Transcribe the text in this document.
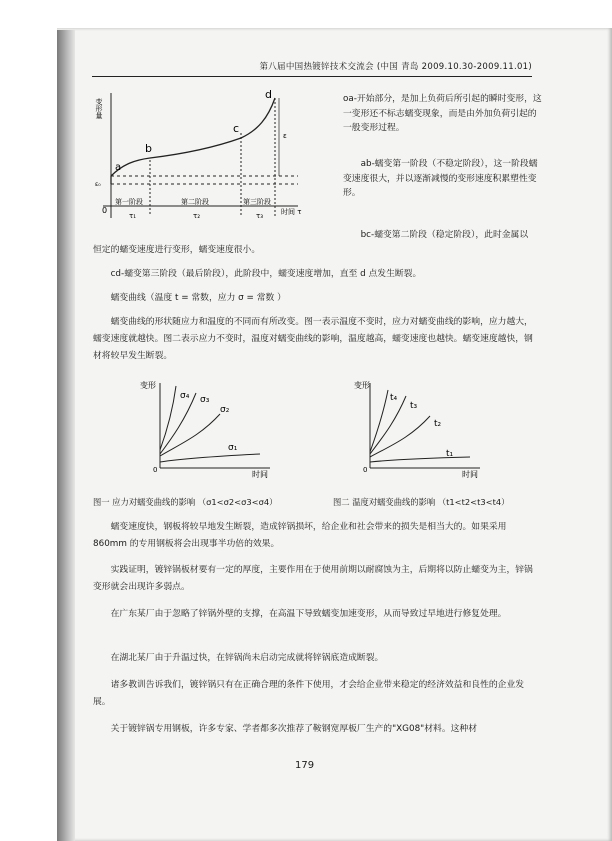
第八届中国热镀锌技术交流会 (中国 青岛 2009.10.30-2009.11.01)
变形量
a
b
c
d
0
ε₀
ε
时间 τ
第一阶段	第二阶段	第三阶段
τ₁	τ₂	τ₃
oa-开始部分，是加上负荷后所引起的瞬时变形，这一变形还不标志蠕变现象，而是由外加负荷引起的一般变形过程。
ab-蠕变第一阶段（不稳定阶段），这一阶段蠕变速度很大，并以逐渐减慢的变形速度积累塑性变形。
bc-蠕变第二阶段（稳定阶段），此时金属以
恒定的蠕变速度进行变形，蠕变速度很小。
cd-蠕变第三阶段（最后阶段），此阶段中，蠕变速度增加，直至 d 点发生断裂。
蠕变曲线（温度 t = 常数，应力 σ = 常数 ）
蠕变曲线的形状随应力和温度的不同而有所改变。图一表示温度不变时，应力对蠕变曲线的影响，应力越大，蠕变速度就越快。图二表示应力不变时，温度对蠕变曲线的影响，温度越高，蠕变速度也越快。蠕变速度越快，钢材将较早发生断裂。
变形
时间
0
σ₄ σ₃
σ₂
σ₁
变形
时间
0
t₄
t₃
t₂
t₁
图一 应力对蠕变曲线的影响 （σ1<σ2<σ3<σ4）	图二 温度对蠕变曲线的影响 （t1<t2<t3<t4）
蠕变速度快，钢板将较早地发生断裂，造成锌锅损坏，给企业和社会带来的损失是相当大的。如果采用 860mm 的专用钢板将会出现事半功倍的效果。
实践证明，镀锌锅板材要有一定的厚度，主要作用在于使用前期以耐腐蚀为主，后期将以防止蠕变为主，锌锅变形就会出现许多弱点。
在广东某厂由于忽略了锌锅外壁的支撑，在高温下导致蠕变加速变形，从而导致过早地进行修复处理。
在湖北某厂由于升温过快，在锌锅尚未启动完成就将锌锅底造成断裂。
诸多教训告诉我们，镀锌锅只有在正确合理的条件下使用，才会给企业带来稳定的经济效益和良性的企业发展。
关于镀锌锅专用钢板，许多专家、学者都多次推荐了鞍钢宽厚板厂生产的"XG08"材料。这种材
179
